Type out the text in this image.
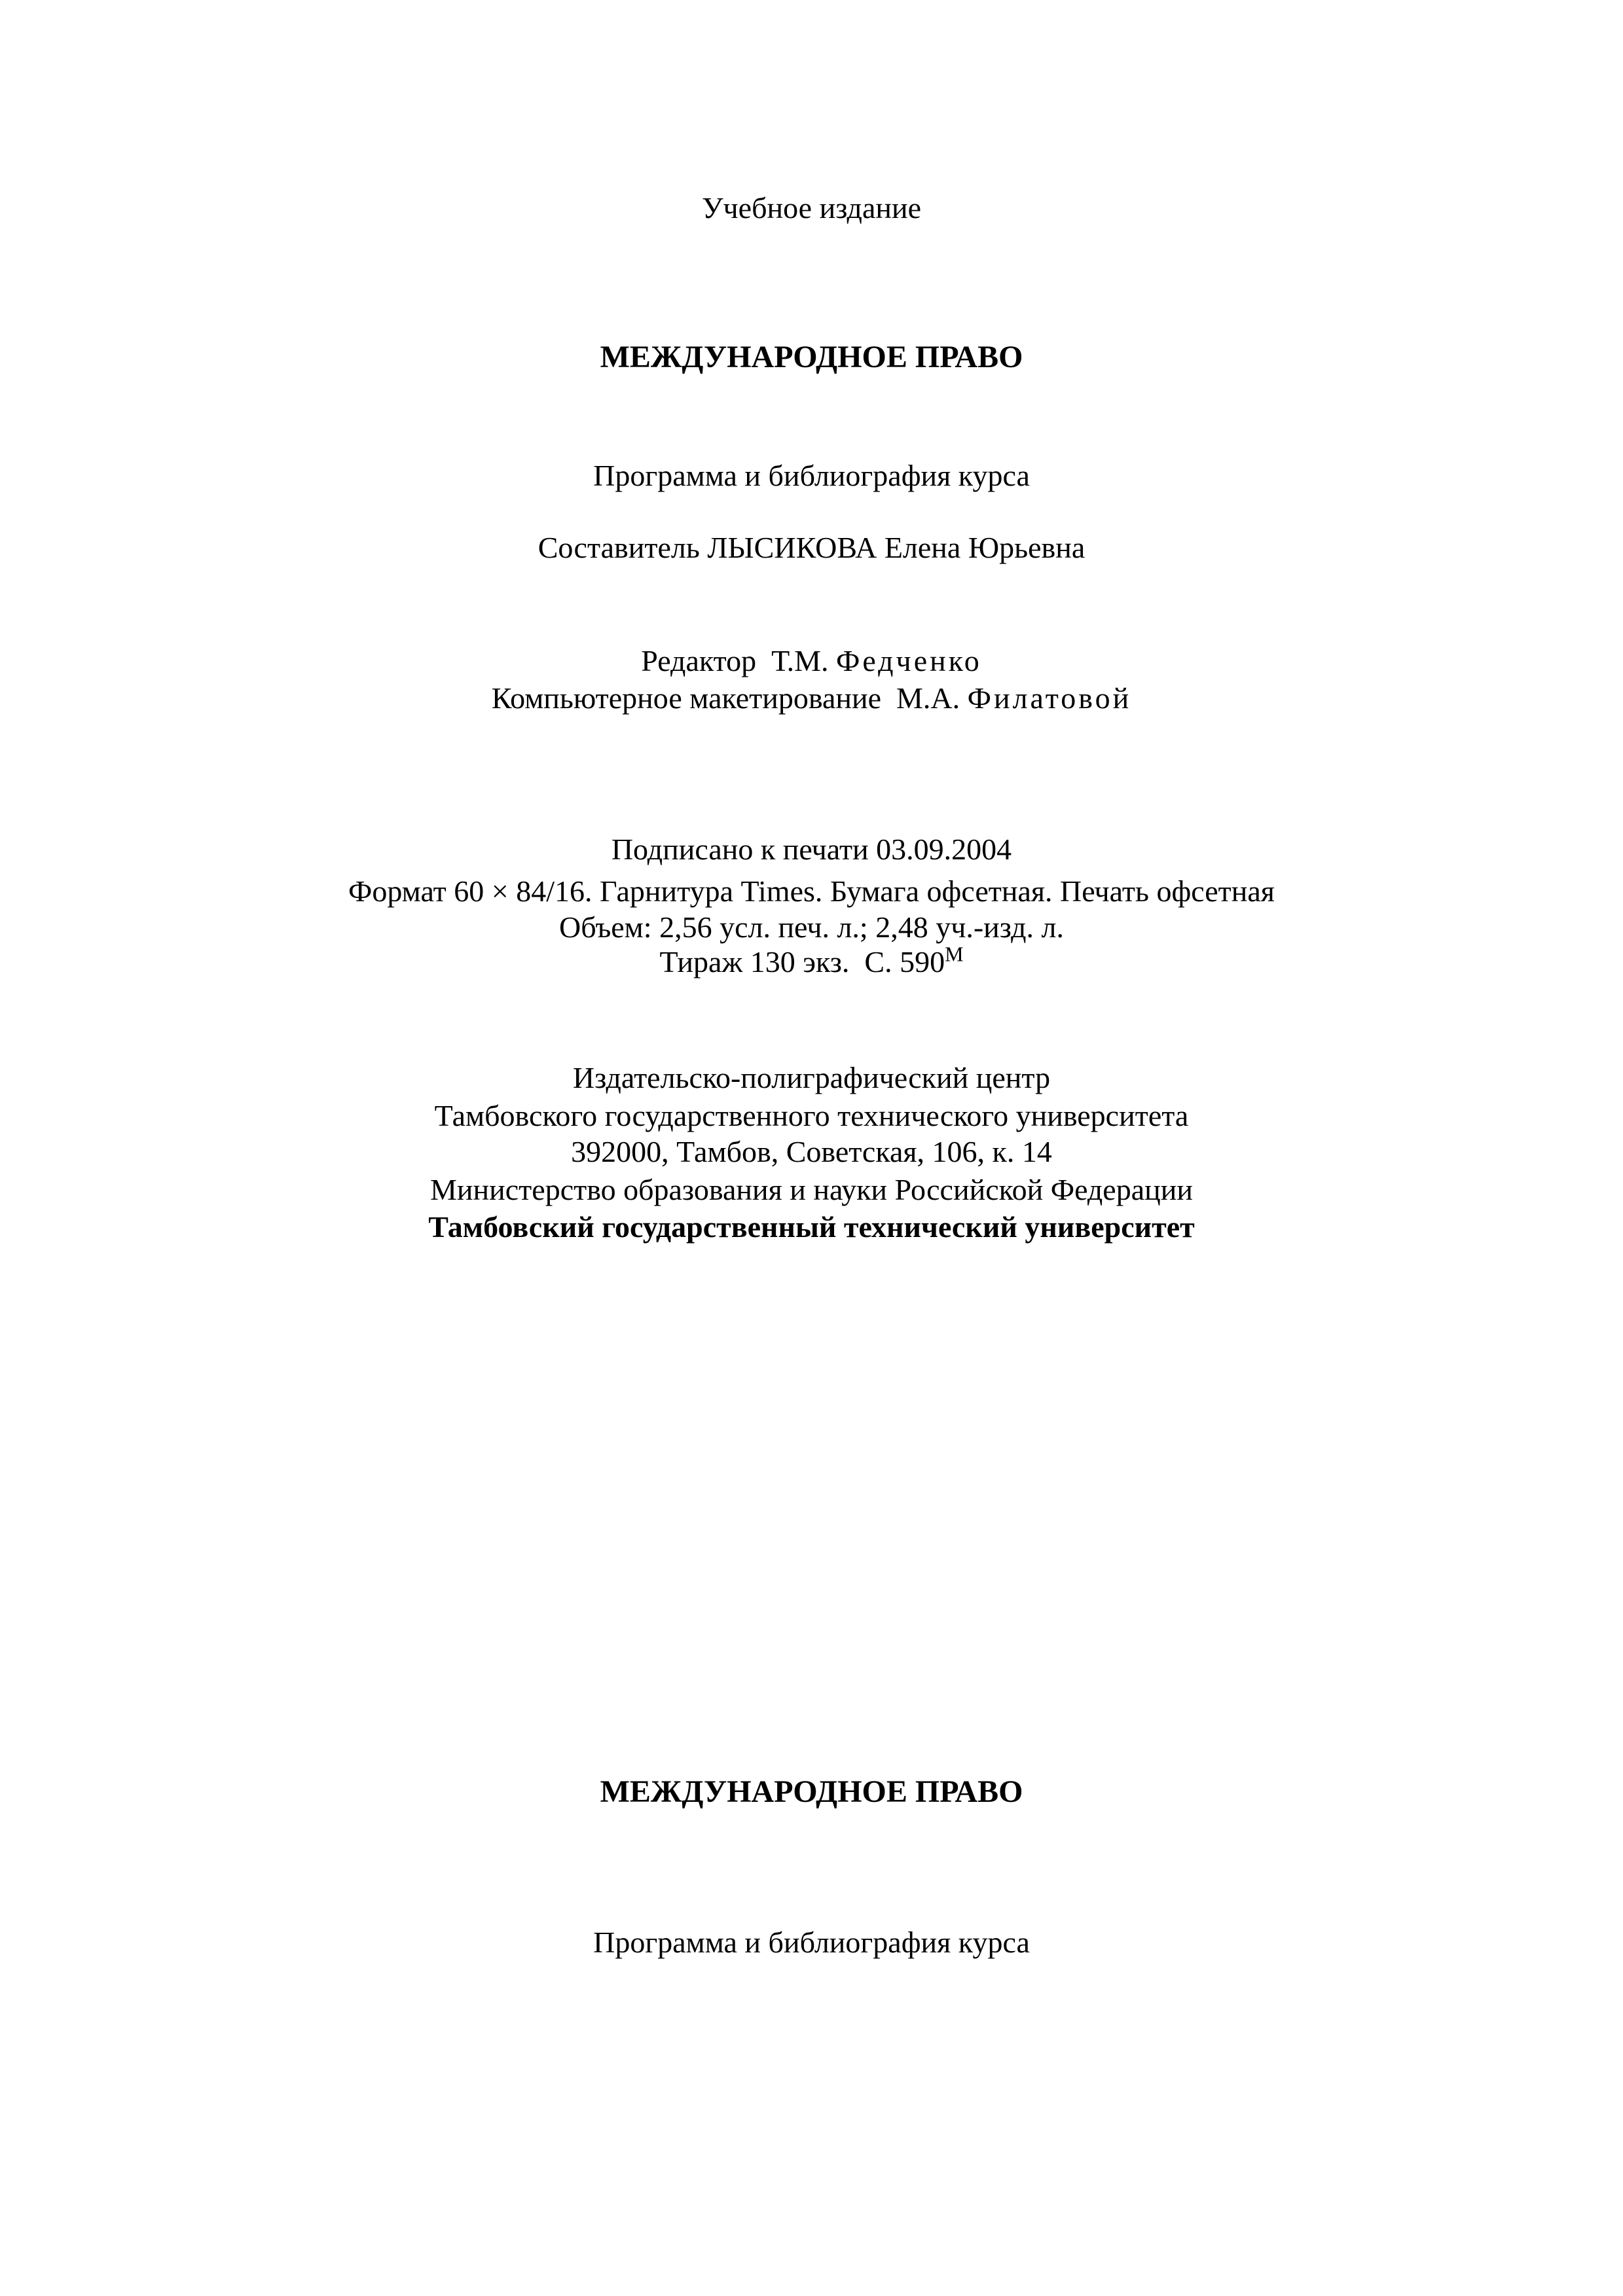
Учебное издание
МЕЖДУНАРОДНОЕ ПРАВО
Программа и библиография курса
Составитель ЛЫСИКОВА Елена Юрьевна
Редактор  Т.М. Федченко
Компьютерное макетирование  М.А. Филатовой
Подписано к печати 03.09.2004
Формат 60 × 84/16. Гарнитура Times. Бумага офсетная. Печать офсетная
Объем: 2,56 усл. печ. л.; 2,48 уч.-изд. л.
Тираж 130 экз.  С. $590^М$
Издательско-полиграфический центр
Тамбовского государственного технического университета
392000, Тамбов, Советская, 106, к. 14
Министерство образования и науки Российской Федерации
Тамбовский государственный технический университет
МЕЖДУНАРОДНОЕ ПРАВО
Программа и библиография курса
